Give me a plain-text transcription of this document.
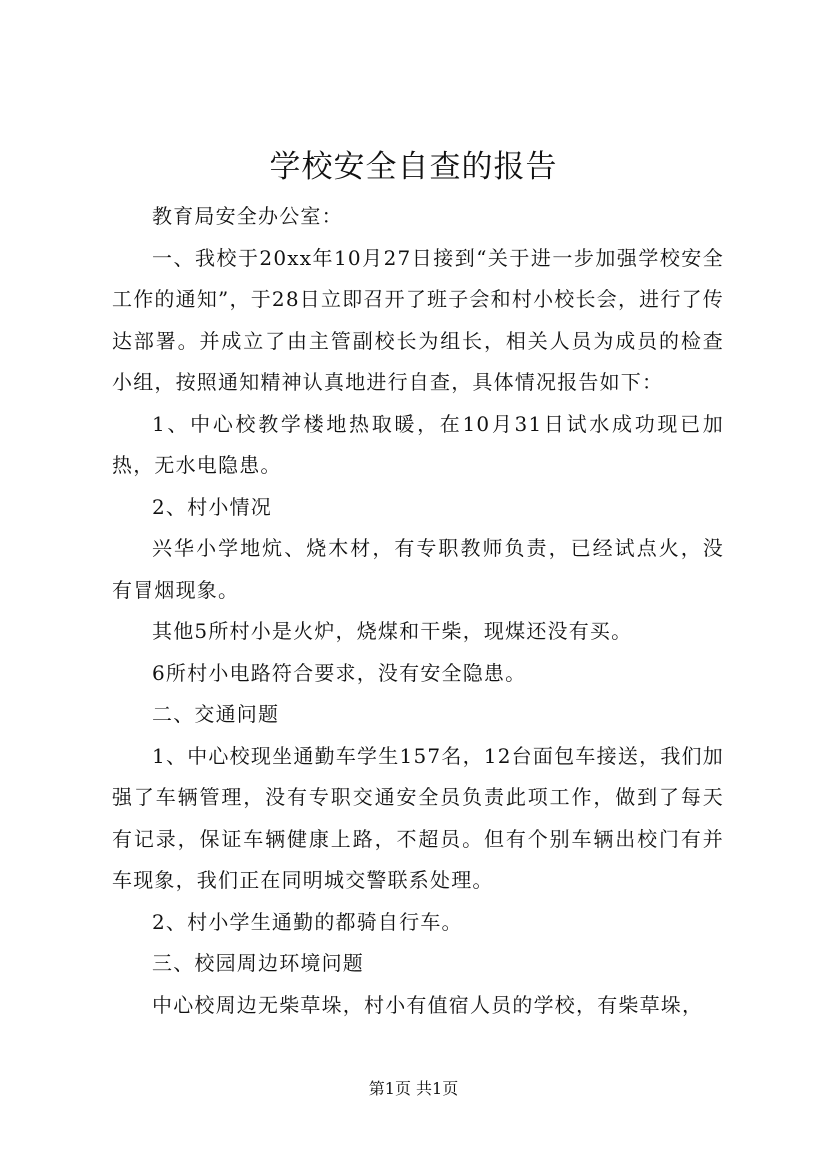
学校安全自查的报告

教育局安全办公室：

一、我校于20xx年10月27日接到“关于进一步加强学校安全工作的通知”，于28日立即召开了班子会和村小校长会，进行了传达部署。并成立了由主管副校长为组长，相关人员为成员的检查小组，按照通知精神认真地进行自查，具体情况报告如下：

1、中心校教学楼地热取暖，在10月31日试水成功现已加热，无水电隐患。

2、村小情况

兴华小学地炕、烧木材，有专职教师负责，已经试点火，没有冒烟现象。

其他5所村小是火炉，烧煤和干柴，现煤还没有买。

6所村小电路符合要求，没有安全隐患。

二、交通问题

1、中心校现坐通勤车学生157名，12台面包车接送，我们加强了车辆管理，没有专职交通安全员负责此项工作，做到了每天有记录，保证车辆健康上路，不超员。但有个别车辆出校门有并车现象，我们正在同明城交警联系处理。

2、村小学生通勤的都骑自行车。

三、校园周边环境问题

中心校周边无柴草垛，村小有值宿人员的学校，有柴草垛，

第1页 共1页
